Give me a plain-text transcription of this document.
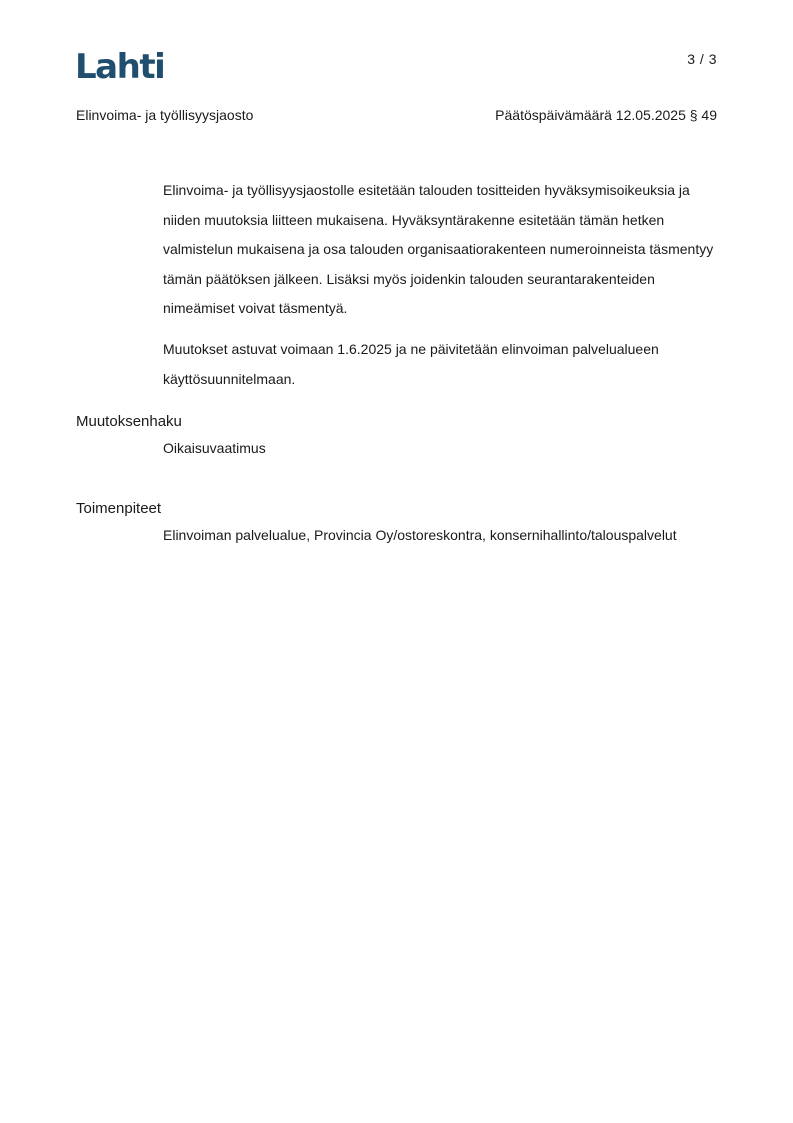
Lahti	3 / 3
Elinvoima- ja työllisyysjaosto	Päätöspäivämäärä 12.05.2025 § 49

Elinvoima- ja työllisyysjaostolle esitetään talouden tositteiden hyväksymisoikeuksia ja niiden muutoksia liitteen mukaisena. Hyväksyntärakenne esitetään tämän hetken valmistelun mukaisena ja osa talouden organisaatiorakenteen numeroinneista täsmentyy tämän päätöksen jälkeen. Lisäksi myös joidenkin talouden seurantarakenteiden nimeämiset voivat täsmentyä.

Muutokset astuvat voimaan 1.6.2025 ja ne päivitetään elinvoiman palvelualueen käyttösuunnitelmaan.

Muutoksenhaku
Oikaisuvaatimus
Toimenpiteet
Elinvoiman palvelualue, Provincia Oy/ostoreskontra, konsernihallinto/talouspalvelut
